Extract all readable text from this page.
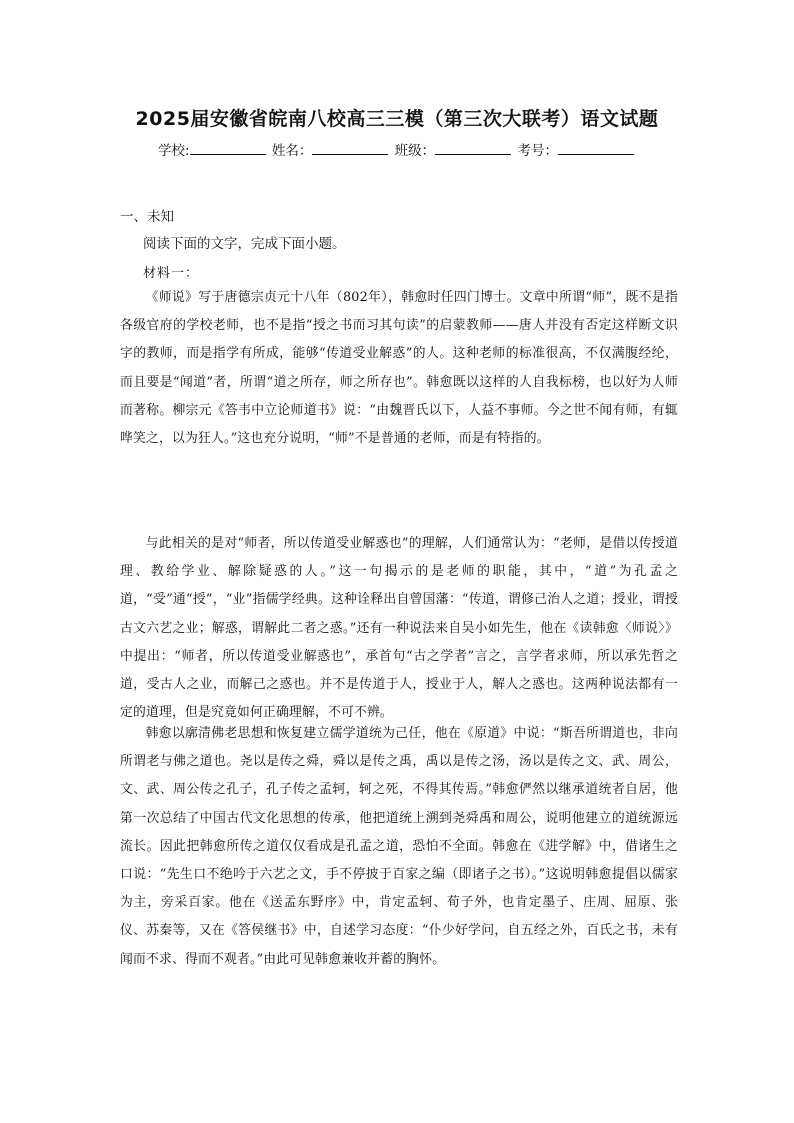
2025届安徽省皖南八校高三三模（第三次大联考）语文试题
学校:	姓名：	班级：	考号：
一、未知
阅读下面的文字，完成下面小题。
材料一：

《师说》写于唐德宗贞元十八年（802年），韩愈时任四门博士。文章中所谓“师”，既不是指各级官府的学校老师，也不是指“授之书而习其句读”的启蒙教师——唐人并没有否定这样断文识字的教师，而是指学有所成，能够“传道受业解惑”的人。这种老师的标准很高，不仅满腹经纶，而且要是“闻道”者，所谓“道之所存，师之所存也”。韩愈既以这样的人自我标榜，也以好为人师而著称。柳宗元《答韦中立论师道书》说：“由魏晋氏以下，人益不事师。今之世不闻有师，有辄哗笑之，以为狂人。”这也充分说明，“师”不是普通的老师，而是有特指的。

与此相关的是对“师者，所以传道受业解惑也”的理解，人们通常认为：“老师，是借以传授道理、教给学业、解除疑惑的人。”这一句揭示的是老师的职能，其中，“道”为孔孟之道，“受”通“授”，“业”指儒学经典。这种诠释出自曾国藩：“传道，谓修己治人之道；授业，谓授古文六艺之业；解惑，谓解此二者之惑。”还有一种说法来自吴小如先生，他在《读韩愈〈师说〉》中提出：“师者，所以传道受业解惑也”，承首句“古之学者”言之，言学者求师，所以承先哲之道，受古人之业，而解己之惑也。并不是传道于人，授业于人，解人之惑也。这两种说法都有一定的道理，但是究竟如何正确理解，不可不辨。

韩愈以廓清佛老思想和恢复建立儒学道统为己任，他在《原道》中说：“斯吾所谓道也，非向所谓老与佛之道也。尧以是传之舜，舜以是传之禹，禹以是传之汤，汤以是传之文、武、周公，文、武、周公传之孔子，孔子传之孟轲，轲之死，不得其传焉。”韩愈俨然以继承道统者自居，他第一次总结了中国古代文化思想的传承，他把道统上溯到尧舜禹和周公，说明他建立的道统源远流长。因此把韩愈所传之道仅仅看成是孔孟之道，恐怕不全面。韩愈在《进学解》中，借诸生之口说：“先生口不绝吟于六艺之文，手不停披于百家之编（即诸子之书）。”这说明韩愈提倡以儒家为主，旁采百家。他在《送孟东野序》中，肯定孟轲、荀子外，也肯定墨子、庄周、屈原、张仪、苏秦等，又在《答侯继书》中，自述学习态度：“仆少好学问，自五经之外，百氏之书，未有闻而不求、得而不观者。”由此可见韩愈兼收并蓄的胸怀。
